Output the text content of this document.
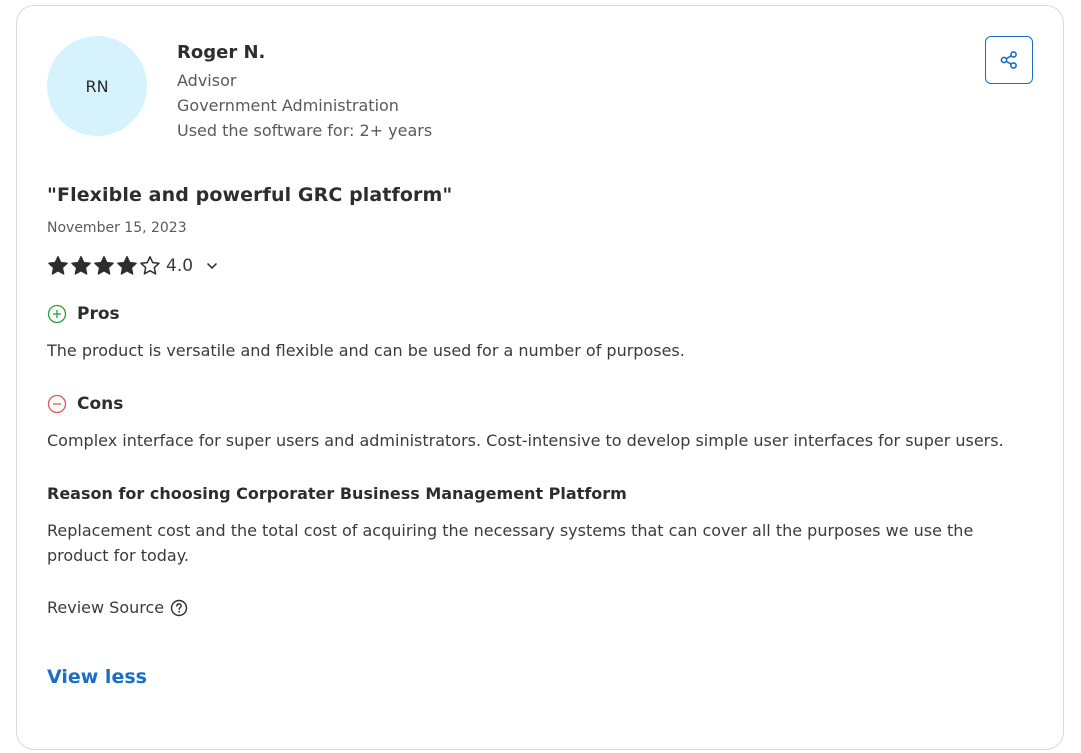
RN
Roger N.
Advisor
Government Administration
Used the software for: 2+ years
"Flexible and powerful GRC platform"
November 15, 2023
4.0
Pros
The product is versatile and flexible and can be used for a number of purposes.
Cons
Complex interface for super users and administrators. Cost-intensive to develop simple user interfaces for super users.
Reason for choosing Corporater Business Management Platform
Replacement cost and the total cost of acquiring the necessary systems that can cover all the purposes we use the product for today.
Review Source
View less
